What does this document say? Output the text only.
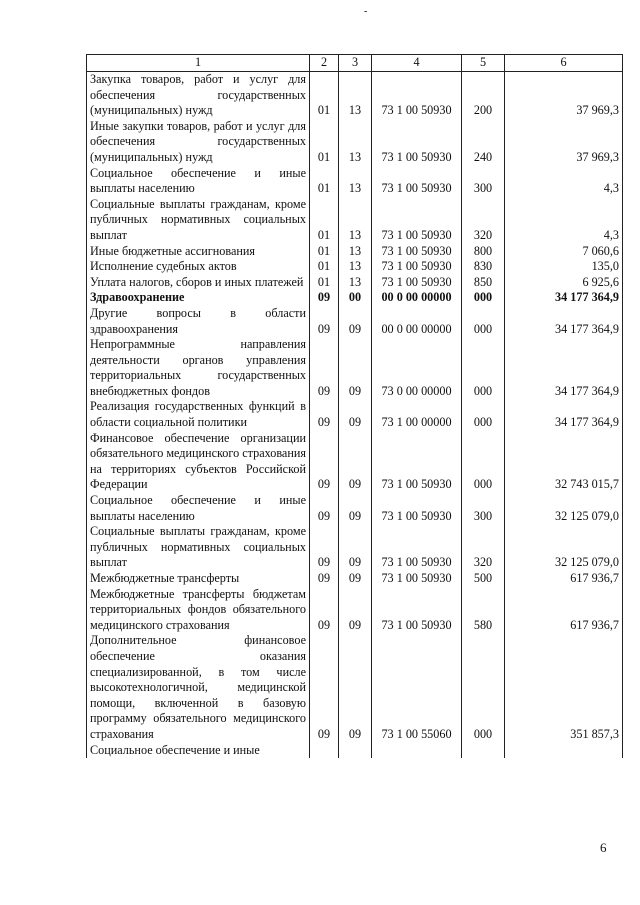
-
1	2	3	4	5	6
Закупка товаров, работ и услуг для обеспечения государственных (муниципальных) нужд	01	13	73 1 00 50930	200	37 969,3
Иные закупки товаров, работ и услуг для обеспечения государственных (муниципальных) нужд	01	13	73 1 00 50930	240	37 969,3
Социальное обеспечение и иные выплаты населению	01	13	73 1 00 50930	300	4,3
Социальные выплаты гражданам, кроме публичных нормативных социальных выплат	01	13	73 1 00 50930	320	4,3
Иные бюджетные ассигнования	01	13	73 1 00 50930	800	7 060,6
Исполнение судебных актов	01	13	73 1 00 50930	830	135,0
Уплата налогов, сборов и иных платежей	01	13	73 1 00 50930	850	6 925,6
Здравоохранение	09	00	00 0 00 00000	000	34 177 364,9
Другие вопросы в области здравоохранения	09	09	00 0 00 00000	000	34 177 364,9
Непрограммные направления деятельности органов управления территориальных государственных внебюджетных фондов	09	09	73 0 00 00000	000	34 177 364,9
Реализация государственных функций в области социальной политики	09	09	73 1 00 00000	000	34 177 364,9
Финансовое обеспечение организации обязательного медицинского страхования на территориях субъектов Российской Федерации	09	09	73 1 00 50930	000	32 743 015,7
Социальное обеспечение и иные выплаты населению	09	09	73 1 00 50930	300	32 125 079,0
Социальные выплаты гражданам, кроме публичных нормативных социальных выплат	09	09	73 1 00 50930	320	32 125 079,0
Межбюджетные трансферты	09	09	73 1 00 50930	500	617 936,7
Межбюджетные трансферты бюджетам территориальных фондов обязательного медицинского страхования	09	09	73 1 00 50930	580	617 936,7
Дополнительное финансовое обеспечение оказания специализированной, в том числе высокотехнологичной, медицинской помощи, включенной в базовую программу обязательного медицинского страхования	09	09	73 1 00 55060	000	351 857,3
Социальное обеспечение и иные					
6
